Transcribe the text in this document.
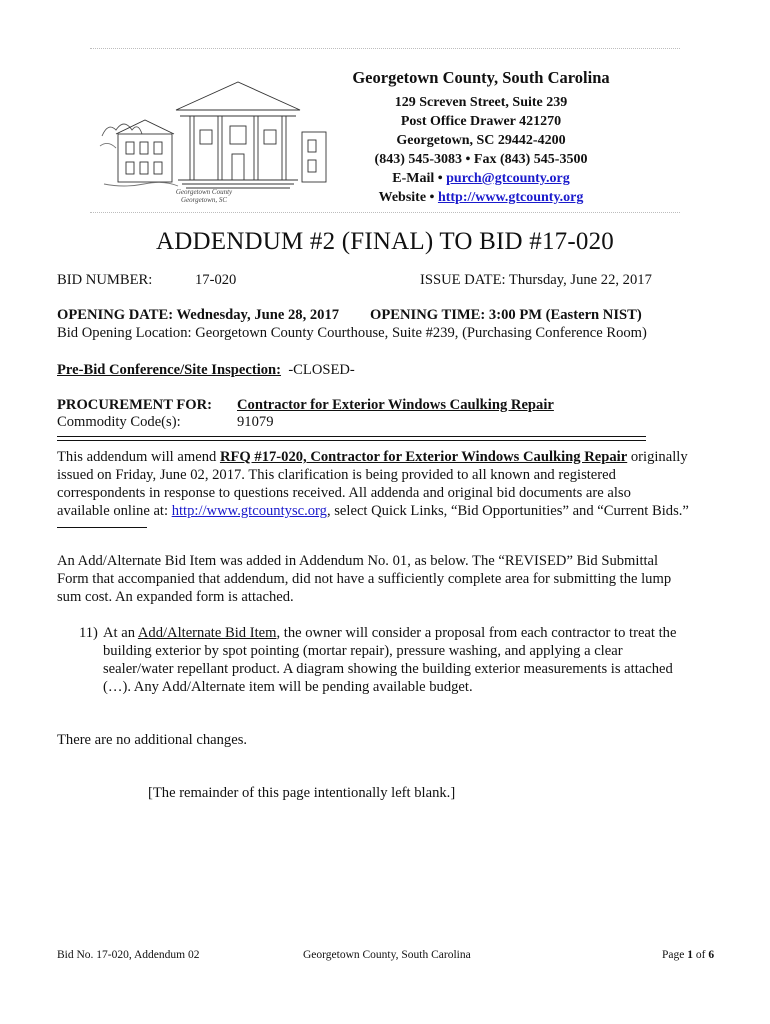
Georgetown County
Georgetown, SC
Georgetown County, South Carolina
129 Screven Street, Suite 239
Post Office Drawer 421270
Georgetown, SC 29442-4200
(843) 545-3083 • Fax (843) 545-3500
E-Mail • purch@gtcounty.org
Website • http://www.gtcounty.org
ADDENDUM #2 (FINAL) TO BID #17-020
BID NUMBER:	17-020	ISSUE DATE: Thursday, June 22, 2017
OPENING DATE: Wednesday, June 28, 2017 OPENING TIME: 3:00 PM (Eastern NIST)
Bid Opening Location: Georgetown County Courthouse, Suite #239, (Purchasing Conference Room)
Pre-Bid Conference/Site Inspection:  -CLOSED-
PROCUREMENT FOR: Contractor for Exterior Windows Caulking Repair
Commodity Code(s):	91079
This addendum will amend RFQ #17-020, Contractor for Exterior Windows Caulking Repair originally
issued on Friday, June 02, 2017. This clarification is being provided to all known and registered
correspondents in response to questions received. All addenda and original bid documents are also
available online at: http://www.gtcountysc.org, select Quick Links, “Bid Opportunities” and “Current Bids.”
An Add/Alternate Bid Item was added in Addendum No. 01, as below. The “REVISED” Bid Submittal
Form that accompanied that addendum, did not have a sufficiently complete area for submitting the lump
sum cost. An expanded form is attached.
11) At an Add/Alternate Bid Item, the owner will consider a proposal from each contractor to treat the
building exterior by spot pointing (mortar repair), pressure washing, and applying a clear
sealer/water repellant product. A diagram showing the building exterior measurements is attached
(…). Any Add/Alternate item will be pending available budget.
There are no additional changes.
[The remainder of this page intentionally left blank.]
Bid No. 17-020, Addendum 02	Georgetown County, South Carolina	Page 1 of 6
